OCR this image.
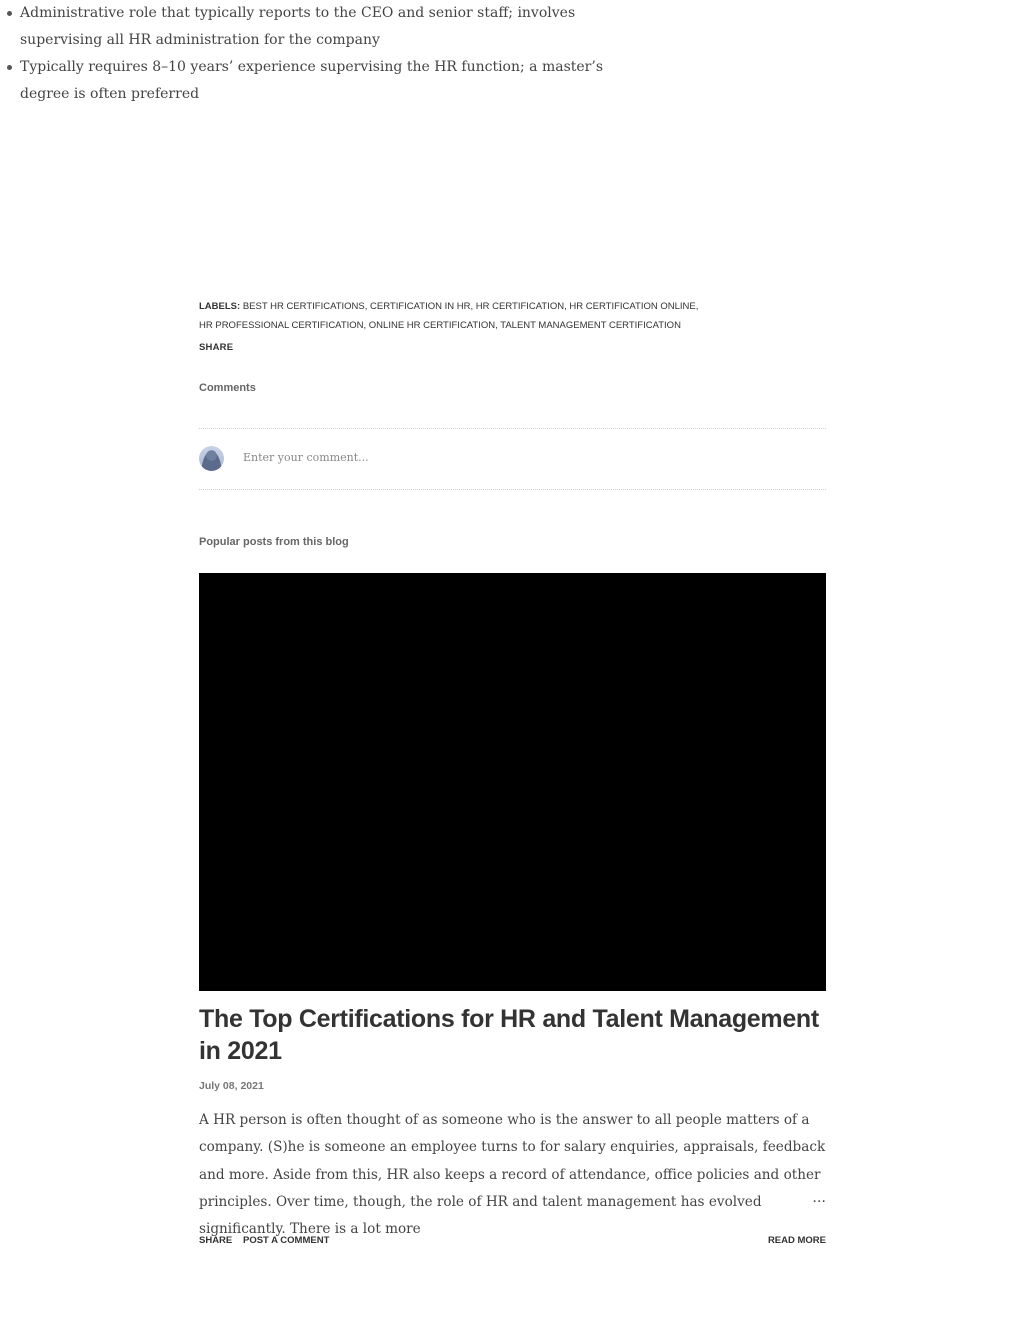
Administrative role that typically reports to the CEO and senior staff; involves supervising all HR administration for the company
Typically requires 8–10 years’ experience supervising the HR function; a master’s degree is often preferred
LABELS: BEST HR CERTIFICATIONS, CERTIFICATION IN HR, HR CERTIFICATION, HR CERTIFICATION ONLINE,
HR PROFESSIONAL CERTIFICATION, ONLINE HR CERTIFICATION, TALENT MANAGEMENT CERTIFICATION
SHARE
Comments
Enter your comment...
Popular posts from this blog
The Top Certifications for HR and Talent Management in 2021
July 08, 2021

A HR person is often thought of as someone who is the answer to all people matters of a company. (S)he is someone an employee turns to for salary enquiries, appraisals, feedback and more. Aside from this, HR also keeps a record of attendance, office policies and other principles. Over time, though, the role of HR and talent management has evolved significantly. There is a lot more
…

SHARE POST A COMMENT	READ MORE
